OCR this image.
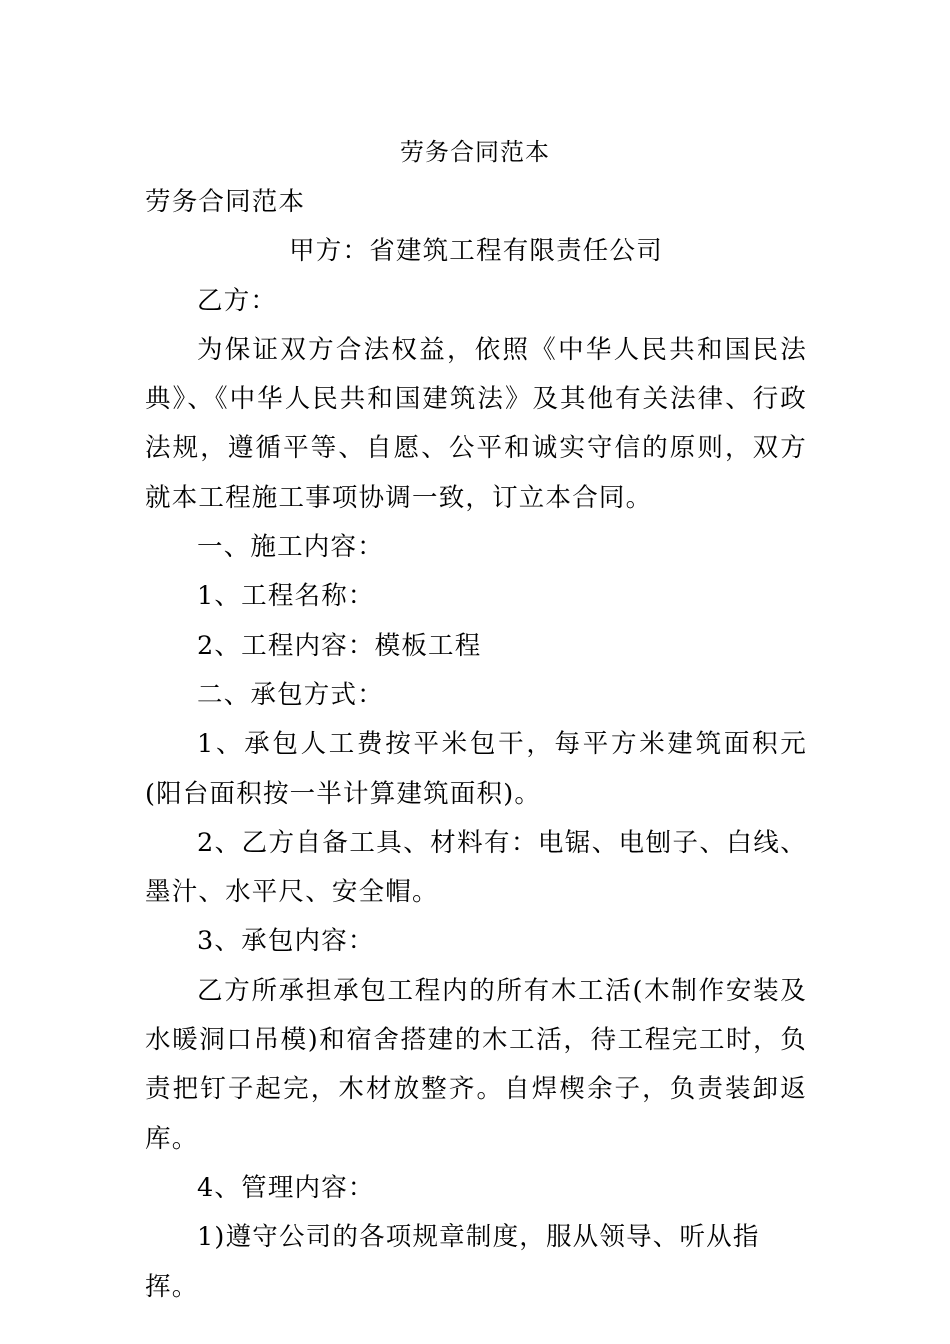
劳务合同范本

劳务合同范本

甲方：省建筑工程有限责任公司

乙方：

为保证双方合法权益，依照《中华人民共和国民法典》、《中华人民共和国建筑法》及其他有关法律、行政法规，遵循平等、自愿、公平和诚实守信的原则，双方就本工程施工事项协调一致，订立本合同。

一、施工内容：

1、工程名称：

2、工程内容：模板工程

二、承包方式：

1、承包人工费按平米包干，每平方米建筑面积元(阳台面积按一半计算建筑面积)。

2、乙方自备工具、材料有：电锯、电刨子、白线、墨汁、水平尺、安全帽。

3、承包内容：

乙方所承担承包工程内的所有木工活(木制作安装及水暖洞口吊模)和宿舍搭建的木工活，待工程完工时，负责把钉子起完，木材放整齐。自焊楔余子，负责装卸返库。

4、管理内容：

1)遵守公司的各项规章制度，服从领导、听从指挥。
